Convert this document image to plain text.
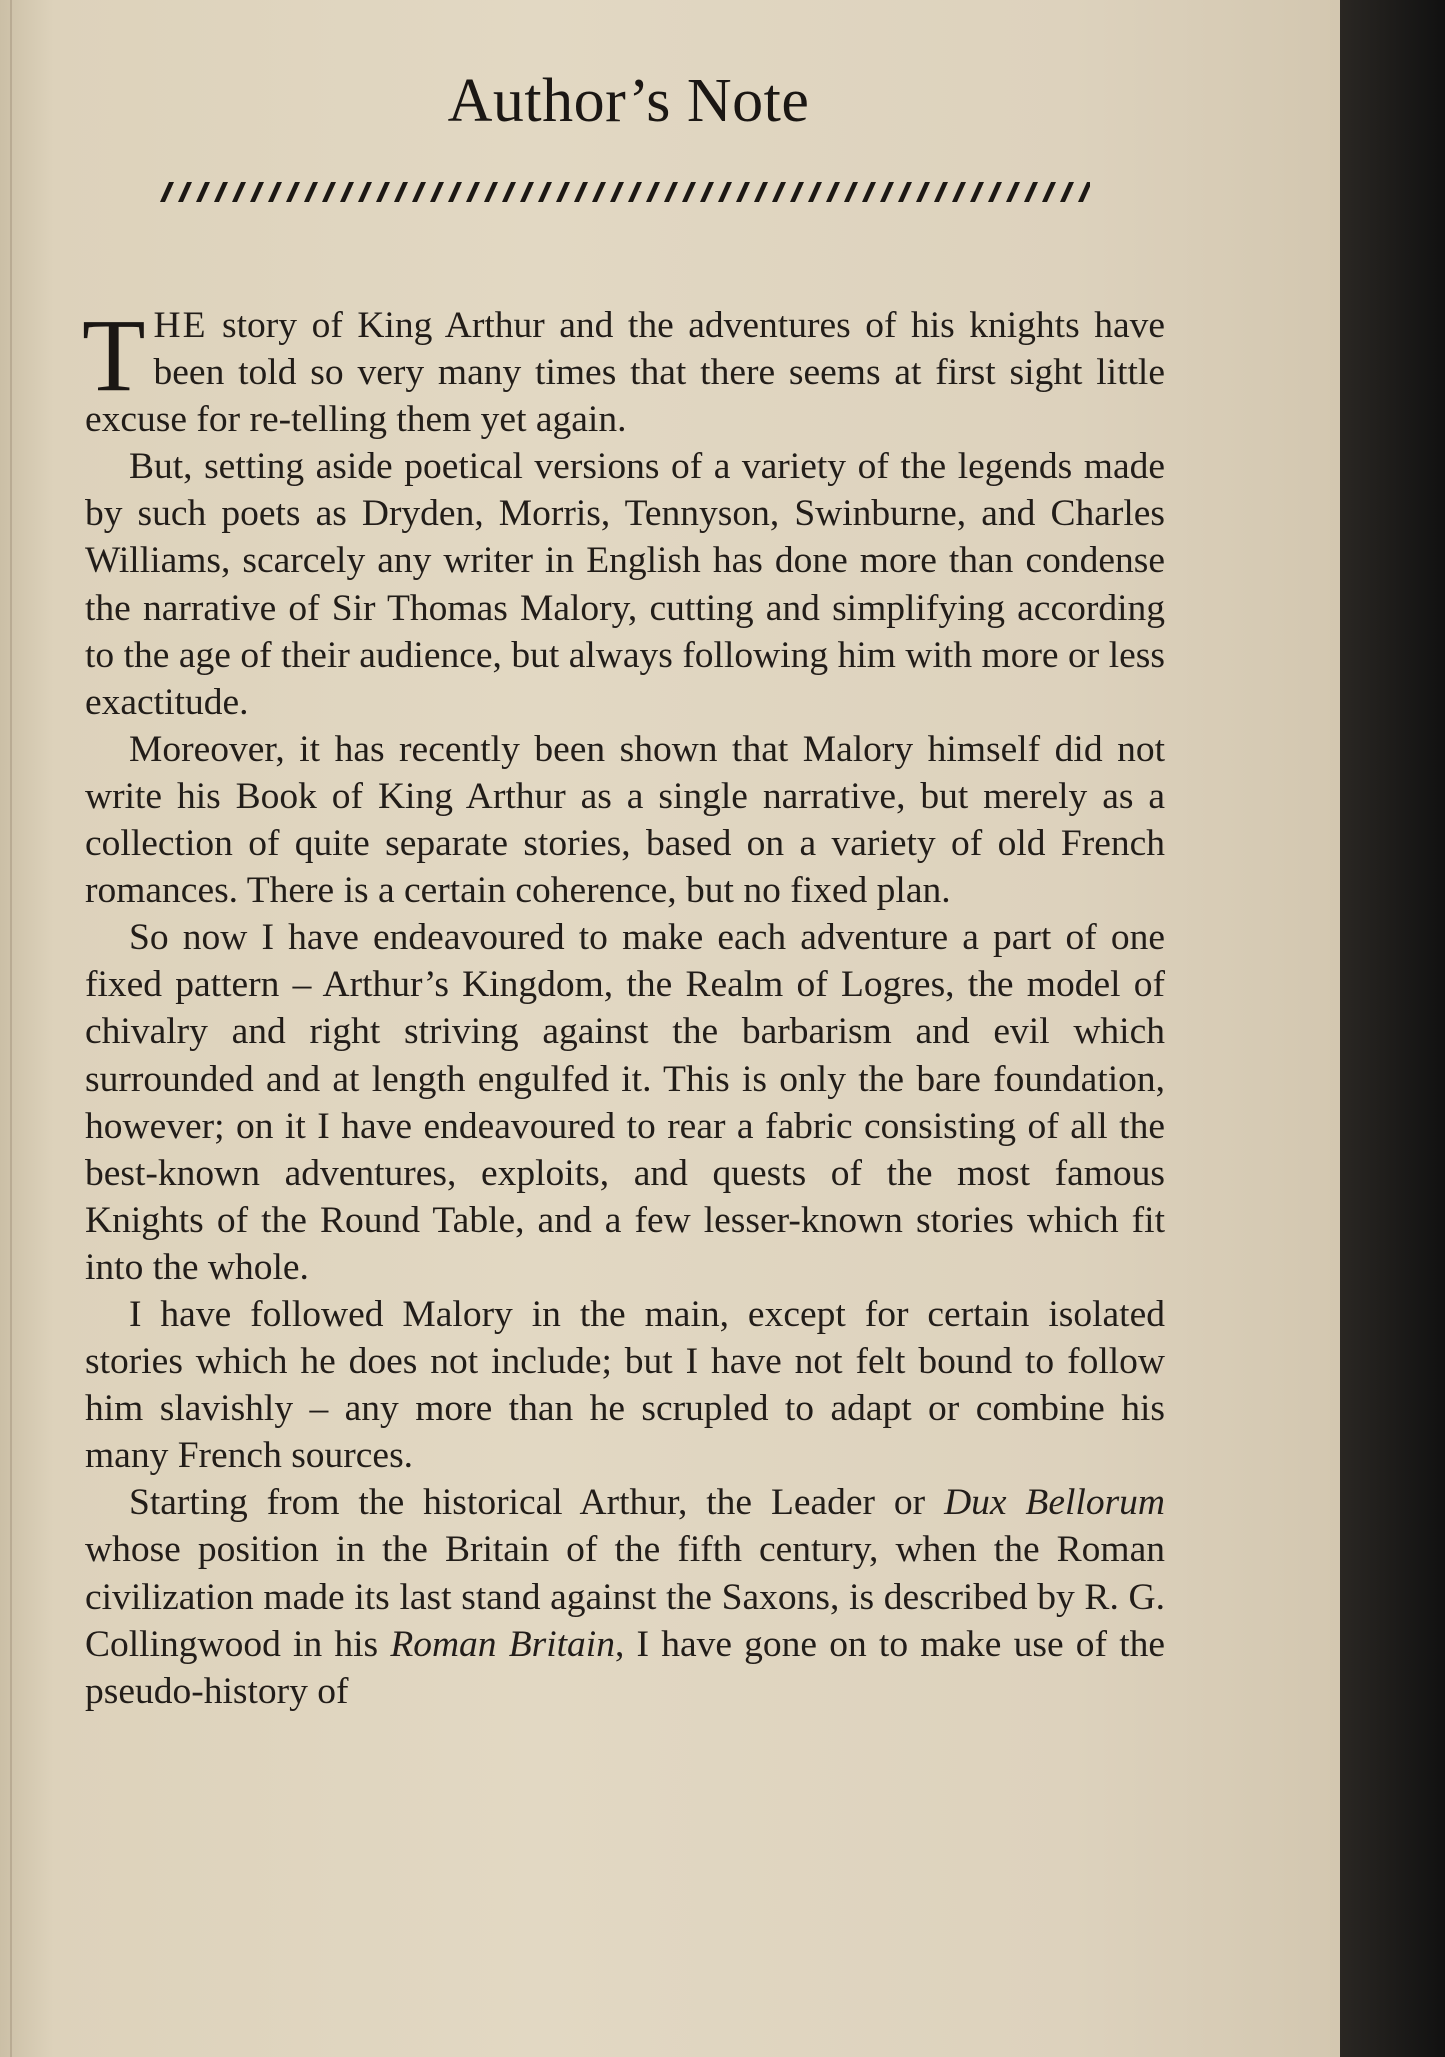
Author’s Note

THE story of King Arthur and the adventures of his knights have been told so very many times that there seems at first sight little excuse for re-telling them yet again.

But, setting aside poetical versions of a variety of the legends made by such poets as Dryden, Morris, Tennyson, Swinburne, and Charles Williams, scarcely any writer in English has done more than condense the narrative of Sir Thomas Malory, cutting and simplifying according to the age of their audience, but always following him with more or less exactitude.

Moreover, it has recently been shown that Malory himself did not write his Book of King Arthur as a single narrative, but merely as a collection of quite separate stories, based on a variety of old French romances. There is a certain coherence, but no fixed plan.

So now I have endeavoured to make each adventure a part of one fixed pattern – Arthur’s Kingdom, the Realm of Logres, the model of chivalry and right striving against the barbarism and evil which surrounded and at length engulfed it. This is only the bare foundation, however; on it I have endeavoured to rear a fabric consisting of all the best-known adventures, exploits, and quests of the most famous Knights of the Round Table, and a few lesser-known stories which fit into the whole.

I have followed Malory in the main, except for certain isolated stories which he does not include; but I have not felt bound to follow him slavishly – any more than he scrupled to adapt or combine his many French sources.

Starting from the historical Arthur, the Leader or Dux Bellorum whose position in the Britain of the fifth century, when the Roman civilization made its last stand against the Saxons, is described by R. G. Collingwood in his Roman Britain, I have gone on to make use of the pseudo-history of
